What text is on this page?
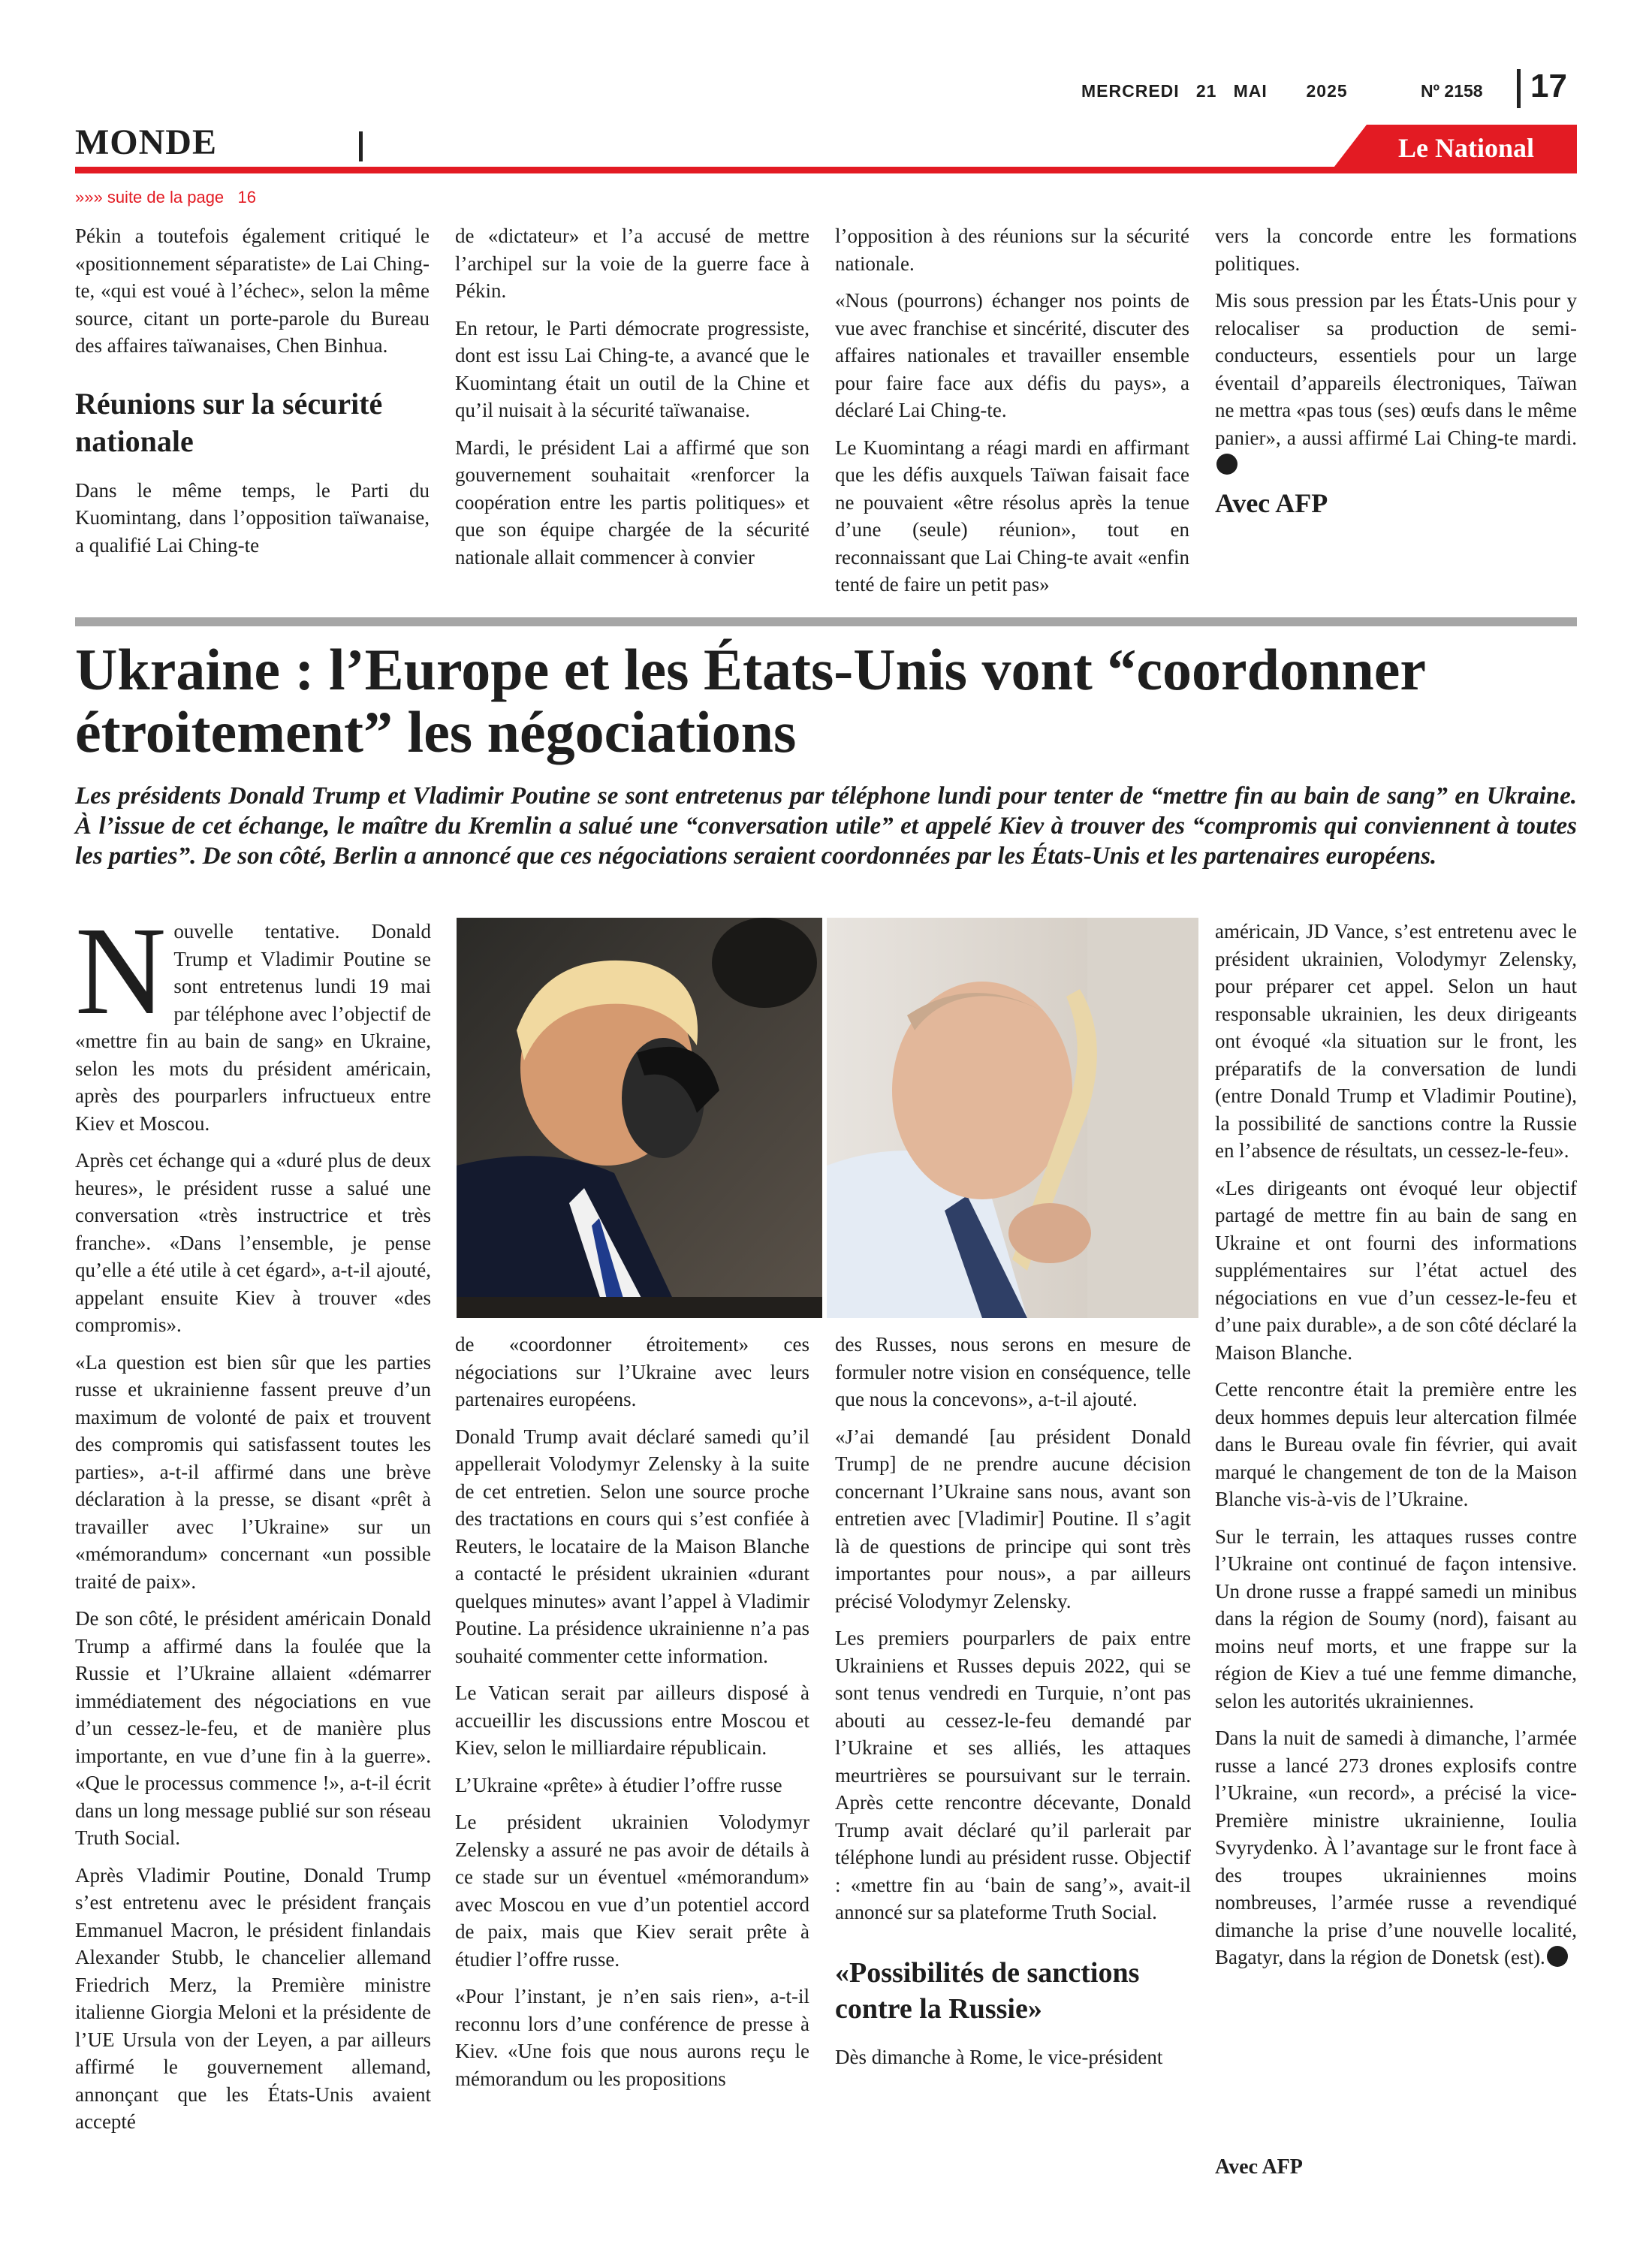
MERCREDI   21   MAI       2025	Nº 2158 17
MONDE	Le National
»»» suite de la page   16

Pékin a toutefois également critiqué le «positionnement séparatiste» de Lai Ching-te, «qui est voué à l’échec», selon la même source, citant un porte-parole du Bureau des affaires taïwanaises, Chen Binhua.

Réunions sur la sécurité nationale

Dans le même temps, le Parti du Kuomintang, dans l’opposition taïwanaise, a qualifié Lai Ching-te

de «dictateur» et l’a accusé de mettre l’archipel sur la voie de la guerre face à Pékin.

En retour, le Parti démocrate progressiste, dont est issu Lai Ching-te, a avancé que le Kuomintang était un outil de la Chine et qu’il nuisait à la sécurité taïwanaise.

Mardi, le président Lai a affirmé que son gouvernement souhaitait «renforcer la coopération entre les partis politiques» et que son équipe chargée de la sécurité nationale allait commencer à convier

l’opposition à des réunions sur la sécurité nationale.

«Nous (pourrons) échanger nos points de vue avec franchise et sincérité, discuter des affaires nationales et travailler ensemble pour faire face aux défis du pays», a déclaré Lai Ching-te.

Le Kuomintang a réagi mardi en affirmant que les défis auxquels Taïwan faisait face ne pouvaient «être résolus après la tenue d’une (seule) réunion», tout en reconnaissant que Lai Ching-te avait «enfin tenté de faire un petit pas»

vers la concorde entre les formations politiques.

Mis sous pression par les États-Unis pour y relocaliser sa production de semi-conducteurs, essentiels pour un large éventail d’appareils électroniques, Taïwan ne mettra «pas tous (ses) œufs dans le même panier», a aussi affirmé Lai Ching-te mardi.

Avec AFP
Ukraine : l’Europe et les États-Unis vont “coordonner étroitement” les négociations
Les présidents Donald Trump et Vladimir Poutine se sont entretenus par téléphone lundi pour tenter de “mettre fin au bain de sang” en Ukraine. À l’issue de cet échange, le maître du Kremlin a salué une “conversation utile” et appelé Kiev à trouver des “compromis qui conviennent à toutes les parties”. De son côté, Berlin a annoncé que ces négociations seraient coordonnées par les États-Unis et les partenaires européens.

Nouvelle tentative. Donald Trump et Vladimir Poutine se sont entretenus lundi 19 mai par téléphone avec l’objectif de «mettre fin au bain de sang» en Ukraine, selon les mots du président américain, après des pourparlers infructueux entre Kiev et Moscou.

Après cet échange qui a «duré plus de deux heures», le président russe a salué une conversation «très instructrice et très franche». «Dans l’ensemble, je pense qu’elle a été utile à cet égard», a-t-il ajouté, appelant ensuite Kiev à trouver «des compromis».

«La question est bien sûr que les parties russe et ukrainienne fassent preuve d’un maximum de volonté de paix et trouvent des compromis qui satisfassent toutes les parties», a-t-il affirmé dans une brève déclaration à la presse, se disant «prêt à travailler avec l’Ukraine» sur un «mémorandum» concernant «un possible traité de paix».

De son côté, le président américain Donald Trump a affirmé dans la foulée que la Russie et l’Ukraine allaient «démarrer immédiatement des négociations en vue d’un cessez-le-feu, et de manière plus importante, en vue d’une fin à la guerre». «Que le processus commence !», a-t-il écrit dans un long message publié sur son réseau Truth Social.

Après Vladimir Poutine, Donald Trump s’est entretenu avec le président français Emmanuel Macron, le président finlandais Alexander Stubb, le chancelier allemand Friedrich Merz, la Première ministre italienne Giorgia Meloni et la présidente de l’UE Ursula von der Leyen, a par ailleurs affirmé le gouvernement allemand, annonçant que les États-Unis avaient accepté

de «coordonner étroitement» ces négociations sur l’Ukraine avec leurs partenaires européens.

Donald Trump avait déclaré samedi qu’il appellerait Volodymyr Zelensky à la suite de cet entretien. Selon une source proche des tractations en cours qui s’est confiée à Reuters, le locataire de la Maison Blanche a contacté le président ukrainien «durant quelques minutes» avant l’appel à Vladimir Poutine. La présidence ukrainienne n’a pas souhaité commenter cette information.

Le Vatican serait par ailleurs disposé à accueillir les discussions entre Moscou et Kiev, selon le milliardaire républicain.

L’Ukraine «prête» à étudier l’offre russe

Le président ukrainien Volodymyr Zelensky a assuré ne pas avoir de détails à ce stade sur un éventuel «mémorandum» avec Moscou en vue d’un potentiel accord de paix, mais que Kiev serait prête à étudier l’offre russe.

«Pour l’instant, je n’en sais rien», a-t-il reconnu lors d’une conférence de presse à Kiev. «Une fois que nous aurons reçu le mémorandum ou les propositions

des Russes, nous serons en mesure de formuler notre vision en conséquence, telle que nous la concevons», a-t-il ajouté.

«J’ai demandé [au président Donald Trump] de ne prendre aucune décision concernant l’Ukraine sans nous, avant son entretien avec [Vladimir] Poutine. Il s’agit là de questions de principe qui sont très importantes pour nous», a par ailleurs précisé Volodymyr Zelensky.

Les premiers pourparlers de paix entre Ukrainiens et Russes depuis 2022, qui se sont tenus vendredi en Turquie, n’ont pas abouti au cessez-le-feu demandé par l’Ukraine et ses alliés, les attaques meurtrières se poursuivant sur le terrain. Après cette rencontre décevante, Donald Trump avait déclaré qu’il parlerait par téléphone lundi au président russe. Objectif : «mettre fin au ‘bain de sang’», avait-il annoncé sur sa plateforme Truth Social.

«Possibilités de sanctions contre la Russie»

Dès dimanche à Rome, le vice-président

américain, JD Vance, s’est entretenu avec le président ukrainien, Volodymyr Zelensky, pour préparer cet appel. Selon un haut responsable ukrainien, les deux dirigeants ont évoqué «la situation sur le front, les préparatifs de la conversation de lundi (entre Donald Trump et Vladimir Poutine), la possibilité de sanctions contre la Russie en l’absence de résultats, un cessez-le-feu».

«Les dirigeants ont évoqué leur objectif partagé de mettre fin au bain de sang en Ukraine et ont fourni des informations supplémentaires sur l’état actuel des négociations en vue d’un cessez-le-feu et d’une paix durable», a de son côté déclaré la Maison Blanche.

Cette rencontre était la première entre les deux hommes depuis leur altercation filmée dans le Bureau ovale fin février, qui avait marqué le changement de ton de la Maison Blanche vis-à-vis de l’Ukraine.

Sur le terrain, les attaques russes contre l’Ukraine ont continué de façon intensive. Un drone russe a frappé samedi un minibus dans la région de Soumy (nord), faisant au moins neuf morts, et une frappe sur la région de Kiev a tué une femme dimanche, selon les autorités ukrainiennes.

Dans la nuit de samedi à dimanche, l’armée russe a lancé 273 drones explosifs contre l’Ukraine, «un record», a précisé la vice-Première ministre ukrainienne, Ioulia Svyrydenko. À l’avantage sur le front face à des troupes ukrainiennes moins nombreuses, l’armée russe a revendiqué dimanche la prise d’une nouvelle localité, Bagatyr, dans la région de Donetsk (est).

Avec AFP
